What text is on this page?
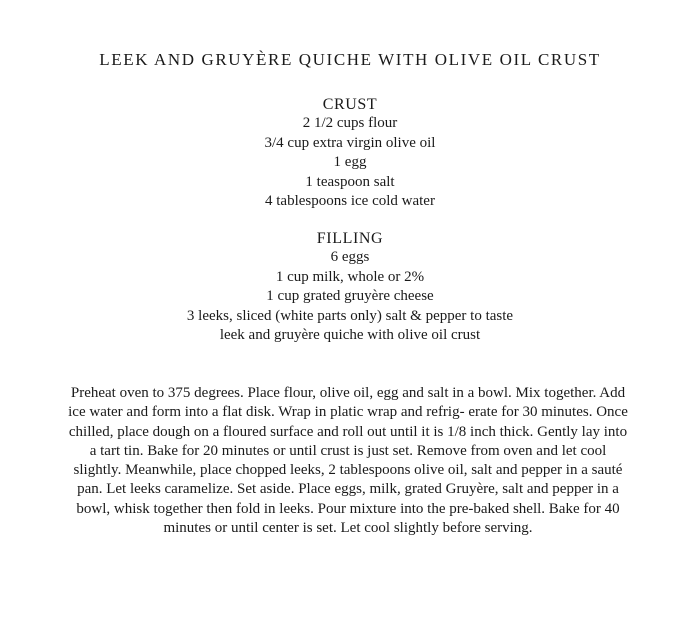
LEEK AND GRUYÈRE QUICHE WITH OLIVE OIL CRUST
CRUST
2 1/2 cups flour
3/4 cup extra virgin olive oil
1 egg
1 teaspoon salt
4 tablespoons ice cold water
FILLING
6 eggs
1 cup milk, whole or 2%
1 cup grated gruyère cheese
3 leeks, sliced (white parts only) salt & pepper to taste
leek and gruyère quiche with olive oil crust

Preheat oven to 375 degrees. Place flour, olive oil, egg and salt in a bowl. Mix together. Add ice water and form into a flat disk. Wrap in platic wrap and refrig- erate for 30 minutes. Once chilled, place dough on a floured surface and roll out until it is 1/8 inch thick. Gently lay into a tart tin. Bake for 20 minutes or until crust is just set. Remove from oven and let cool slightly. Meanwhile, place chopped leeks, 2 tablespoons olive oil, salt and pepper in a sauté pan. Let leeks caramelize. Set aside. Place eggs, milk, grated Gruyère, salt and pepper in a bowl, whisk together then fold in leeks. Pour mixture into the pre-baked shell. Bake for 40 minutes or until center is set. Let cool slightly before serving.
